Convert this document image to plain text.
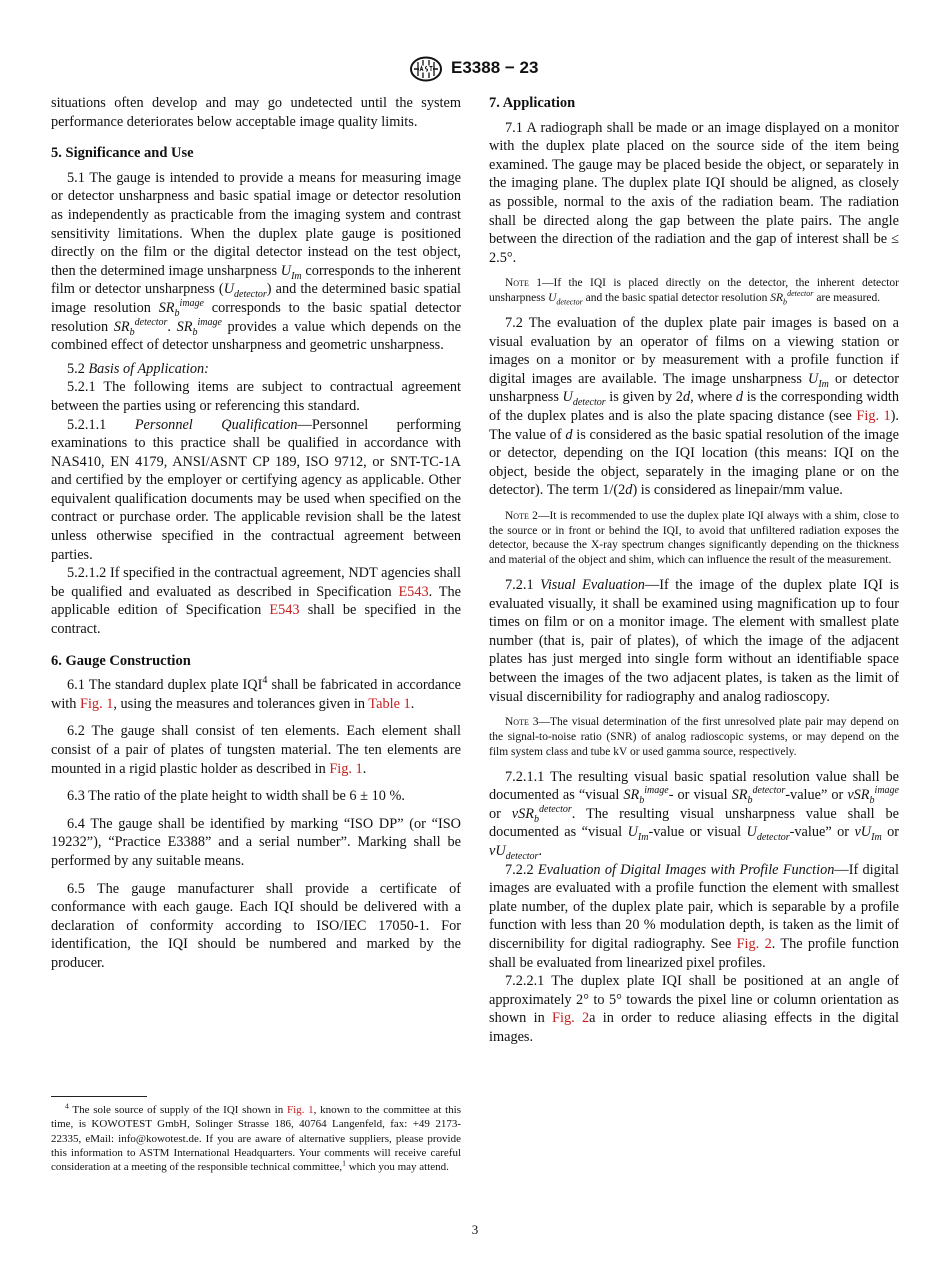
E3388 − 23

situations often develop and may go undetected until the system performance deteriorates below acceptable image quality limits.

5. Significance and Use

5.1 The gauge is intended to provide a means for measuring image or detector unsharpness and basic spatial image or detector resolution as independently as practicable from the imaging system and contrast sensitivity limitations. When the duplex plate gauge is positioned directly on the film or the digital detector instead on the test object, then the determined image unsharpness $U_{Im}$ corresponds to the inherent film or detector unsharpness $(U_{detector})$ and the determined basic spatial image resolution $SR_b^{image}$ corresponds to the basic spatial detector resolution $SR_b^{detector}$. $SR_b^{image}$ provides a value which depends on the combined effect of detector unsharpness and geometric unsharpness.

5.2 Basis of Application:

5.2.1 The following items are subject to contractual agreement between the parties using or referencing this standard.

5.2.1.1 Personnel Qualification—Personnel performing examinations to this practice shall be qualified in accordance with NAS410, EN 4179, ANSI/ASNT CP 189, ISO 9712, or SNT-TC-1A and certified by the employer or certifying agency as applicable. Other equivalent qualification documents may be used when specified on the contract or purchase order. The applicable revision shall be the latest unless otherwise specified in the contractual agreement between parties.

5.2.1.2 If specified in the contractual agreement, NDT agencies shall be qualified and evaluated as described in Specification E543. The applicable edition of Specification E543 shall be specified in the contract.

6. Gauge Construction

6.1 The standard duplex plate IQI$^4$ shall be fabricated in accordance with Fig. 1, using the measures and tolerances given in Table 1.

6.2 The gauge shall consist of ten elements. Each element shall consist of a pair of plates of tungsten material. The ten elements are mounted in a rigid plastic holder as described in Fig. 1.

6.3 The ratio of the plate height to width shall be 6 ± 10 %.

6.4 The gauge shall be identified by marking “ISO DP” (or “ISO 19232”), “Practice E3388” and a serial number”. Marking shall be performed by any suitable means.

6.5 The gauge manufacturer shall provide a certificate of conformance with each gauge. Each IQI should be delivered with a declaration of conformity according to ISO/IEC 17050-1. For identification, the IQI should be numbered and marked by the producer.

$^4$ The sole source of supply of the IQI shown in Fig. 1, known to the committee at this time, is KOWOTEST GmbH, Solinger Strasse 186, 40764 Langenfeld, fax: +49 2173-22335, eMail: info@kowotest.de. If you are aware of alternative suppliers, please provide this information to ASTM International Headquarters. Your comments will receive careful consideration at a meeting of the responsible technical committee,$^1$ which you may attend.

7. Application

7.1 A radiograph shall be made or an image displayed on a monitor with the duplex plate placed on the source side of the item being examined. The gauge may be placed beside the object, or separately in the imaging plane. The duplex plate IQI should be aligned, as closely as possible, normal to the axis of the radiation beam. The radiation shall be directed along the gap between the plate pairs. The angle between the direction of the radiation and the gap of interest shall be ≤ 2.5°.

Note 1—If the IQI is placed directly on the detector, the inherent detector unsharpness $U_{detector}$ and the basic spatial detector resolution $SR_b^{detector}$ are measured.

7.2 The evaluation of the duplex plate pair images is based on a visual evaluation by an operator of films on a viewing station or images on a monitor or by measurement with a profile function if digital images are available. The image unsharpness $U_{Im}$ or detector unsharpness $U_{detector}$ is given by 2d, where d is the corresponding width of the duplex plates and is also the plate spacing distance (see Fig. 1). The value of d is considered as the basic spatial resolution of the image or detector, depending on the IQI location (this means: IQI on the object, beside the object, separately in the imaging plane or on the detector). The term 1/(2d) is considered as linepair/mm value.

Note 2—It is recommended to use the duplex plate IQI always with a shim, close to the source or in front or behind the IQI, to avoid that unfiltered radiation exposes the detector, because the X-ray spectrum changes significantly depending on the thickness and material of the object and shim, which can influence the result of the measurement.

7.2.1 Visual Evaluation—If the image of the duplex plate IQI is evaluated visually, it shall be examined using magnification up to four times on film or on a monitor image. The element with smallest plate number (that is, pair of plates), of which the image of the adjacent plates has just merged into single form without an identifiable space between the images of the two adjacent plates, is taken as the limit of visual discernibility for radiography and analog radioscopy.

Note 3—The visual determination of the first unresolved plate pair may depend on the signal-to-noise ratio (SNR) of analog radioscopic systems, or may depend on the film system class and tube kV or used gamma source, respectively.

7.2.1.1 The resulting visual basic spatial resolution value shall be documented as “visual $SR_b^{image}-$ or visual $SR_b^{detector}$-value” or vSR$_b^{image}$ or vSR$_b^{detector}$. The resulting visual unsharpness value shall be documented as “visual $U_{Im}$-value or visual $U_{detector}$-value” or $vU_{Im}$ or $vU_{detector}$.

7.2.2 Evaluation of Digital Images with Profile Function—If digital images are evaluated with a profile function the element with smallest plate number, of the duplex plate pair, which is separable by a profile function with less than 20 % modulation depth, is taken as the limit of discernibility for digital radiography. See Fig. 2. The profile function shall be evaluated from linearized pixel profiles.

7.2.2.1 The duplex plate IQI shall be positioned at an angle of approximately 2° to 5° towards the pixel line or column orientation as shown in Fig. 2a in order to reduce aliasing effects in the digital images.

3
